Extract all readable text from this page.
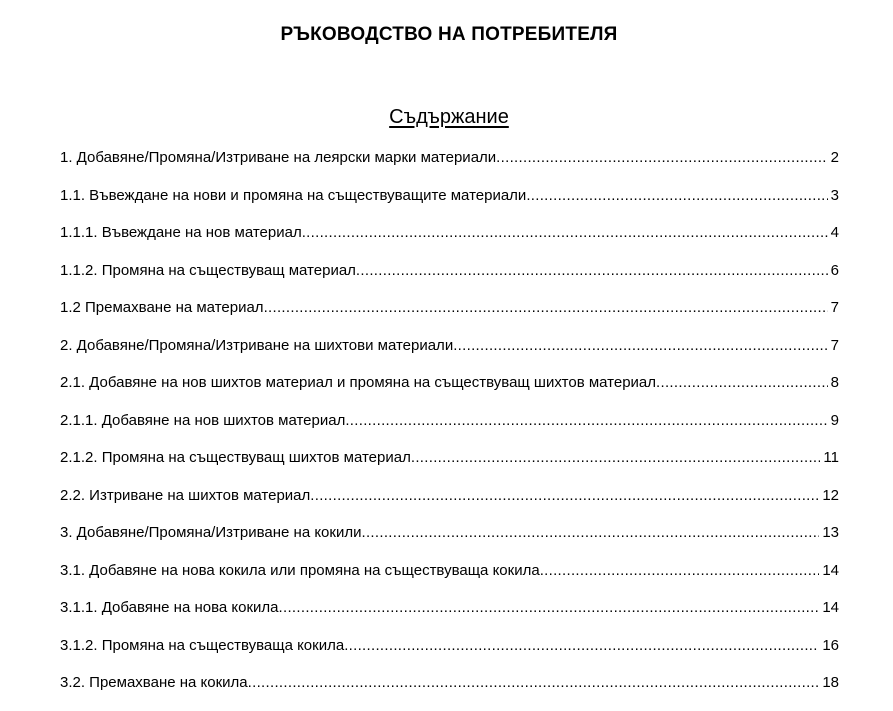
РЪКОВОДСТВО НА ПОТРЕБИТЕЛЯ
Съдържание
1. Добавяне/Промяна/Изтриване на леярски марки материали .....	2
1.1. Въвеждане на нови и промяна на съществуващите материали .....	3
1.1.1. Въвеждане на нов материал .....	4
1.1.2. Промяна на съществуващ материал .....	6
1.2 Премахване на материал .....	7
2. Добавяне/Промяна/Изтриване на шихтови материали .....	7
2.1. Добавяне на нов шихтов материал и промяна на съществуващ шихтов материал .....	8
2.1.1. Добавяне на нов шихтов материал .....	9
2.1.2. Промяна на съществуващ шихтов материал .....	11
2.2. Изтриване на шихтов материал .....	12
3. Добавяне/Промяна/Изтриване на кокили .....	13
3.1. Добавяне на нова кокила или промяна на съществуваща кокила .....	14
3.1.1. Добавяне на нова кокила .....	14
3.1.2. Промяна на съществуваща кокила .....	16
3.2. Премахване на кокила .....	18
